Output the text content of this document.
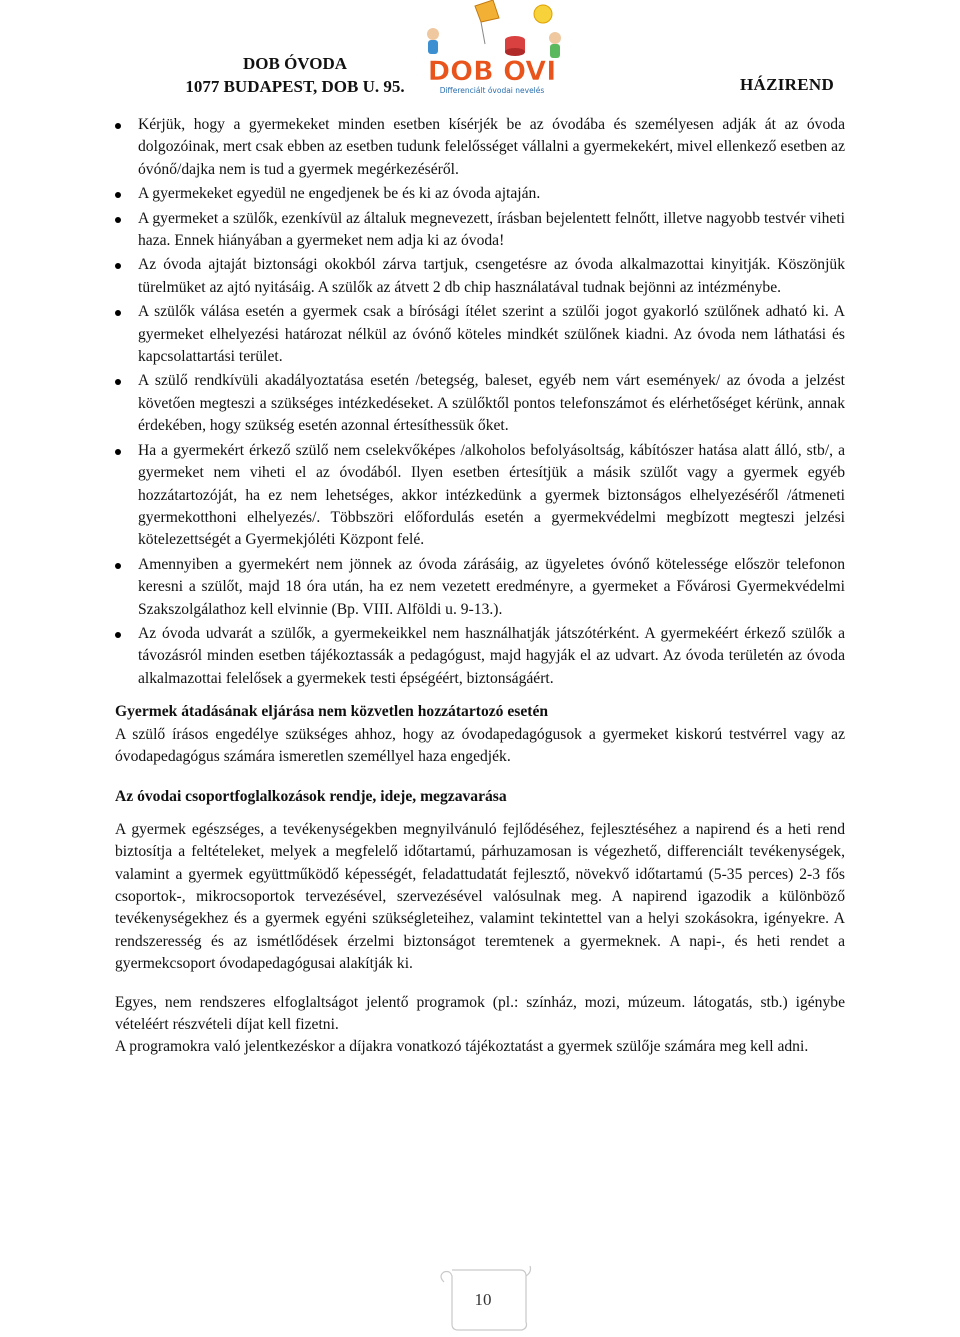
DOB ÓVODA
1077 BUDAPEST, DOB U. 95. DOB OVI
Differenciált óvodai nevelés	HÁZIREND
Kérjük, hogy a gyermekeket minden esetben kísérjék be az óvodába és személyesen adják át az óvoda dolgozóinak, mert csak ebben az esetben tudunk felelősséget vállalni a gyermekekért, mivel ellenkező esetben az óvónő/dajka nem is tud a gyermek megérkezéséről.
A gyermekeket egyedül ne engedjenek be és ki az óvoda ajtaján.
A gyermeket a szülők, ezenkívül az általuk megnevezett, írásban bejelentett felnőtt, illetve nagyobb testvér viheti haza. Ennek hiányában a gyermeket nem adja ki az óvoda!
Az óvoda ajtaját biztonsági okokból zárva tartjuk, csengetésre az óvoda alkalmazottai kinyitják. Köszönjük türelmüket az ajtó nyitásáig. A szülők az átvett 2 db chip használatával tudnak bejönni az intézménybe.
A szülők válása esetén a gyermek csak a bírósági ítélet szerint a szülői jogot gyakorló szülőnek adható ki. A gyermeket elhelyezési határozat nélkül az óvónő köteles mindkét szülőnek kiadni. Az óvoda nem láthatási és kapcsolattartási terület.
A szülő rendkívüli akadályoztatása esetén /betegség, baleset, egyéb nem várt események/ az óvoda a jelzést követően megteszi a szükséges intézkedéseket. A szülőktől pontos telefonszámot és elérhetőséget kérünk, annak érdekében, hogy szükség esetén azonnal értesíthessük őket.
Ha a gyermekért érkező szülő nem cselekvőképes /alkoholos befolyásoltság, kábítószer hatása alatt álló, stb/, a gyermeket nem viheti el az óvodából. Ilyen esetben értesítjük a másik szülőt vagy a gyermek egyéb hozzátartozóját, ha ez nem lehetséges, akkor intézkedünk a gyermek biztonságos elhelyezéséről /átmeneti gyermekotthoni elhelyezés/. Többszöri előfordulás esetén a gyermekvédelmi megbízott megteszi jelzési kötelezettségét a Gyermekjóléti Központ felé.
Amennyiben a gyermekért nem jönnek az óvoda zárásáig, az ügyeletes óvónő kötelessége először telefonon keresni a szülőt, majd 18 óra után, ha ez nem vezetett eredményre, a gyermeket a Fővárosi Gyermekvédelmi Szakszolgálathoz kell elvinnie (Bp. VIII. Alföldi u. 9-13.).
Az óvoda udvarát a szülők, a gyermekeikkel nem használhatják játszótérként. A gyermekéért érkező szülők a távozásról minden esetben tájékoztassák a pedagógust, majd hagyják el az udvart. Az óvoda területén az óvoda alkalmazottai felelősek a gyermekek testi épségéért, biztonságáért.
Gyermek átadásának eljárása nem közvetlen hozzátartozó esetén

A szülő írásos engedélye szükséges ahhoz, hogy az óvodapedagógusok a gyermeket kiskorú testvérrel vagy az óvodapedagógus számára ismeretlen személlyel haza engedjék.

Az óvodai csoportfoglalkozások rendje, ideje, megzavarása

A gyermek egészséges, a tevékenységekben megnyilvánuló fejlődéséhez, fejlesztéséhez a napirend és a heti rend biztosítja a feltételeket, melyek a megfelelő időtartamú, párhuzamosan is végezhető, differenciált tevékenységek, valamint a gyermek együttműködő képességét, feladattudatát fejlesztő, növekvő időtartamú (5-35 perces) 2-3 fős csoportok-, mikrocsoportok tervezésével, szervezésével valósulnak meg. A napirend igazodik a különböző tevékenységekhez és a gyermek egyéni szükségleteihez, valamint tekintettel van a helyi szokásokra, igényekre. A rendszeresség és az ismétlődések érzelmi biztonságot teremtenek a gyermeknek. A napi-, és heti rendet a gyermekcsoport óvodapedagógusai alakítják ki.

Egyes, nem rendszeres elfoglaltságot jelentő programok (pl.: színház, mozi, múzeum. látogatás, stb.) igénybe vételéért részvételi díjat kell fizetni.

A programokra való jelentkezéskor a díjakra vonatkozó tájékoztatást a gyermek szülője számára meg kell adni.

10
